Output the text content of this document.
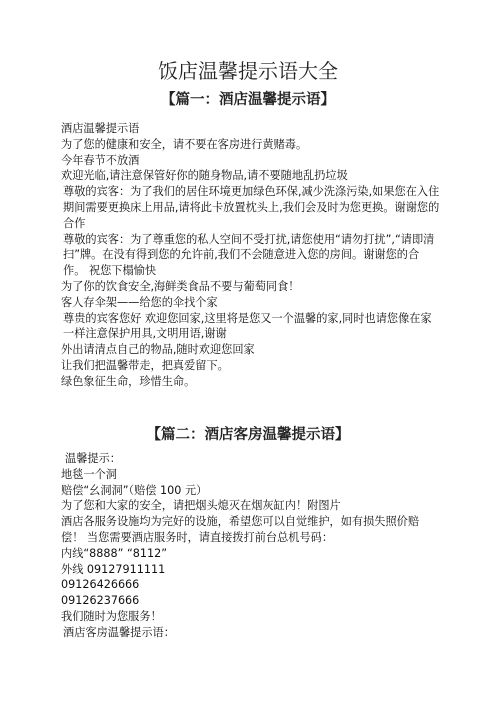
饭店温馨提示语大全
【篇一：酒店温馨提示语】

酒店温馨提示语

为了您的健康和安全，请不要在客房进行黄赌毒。

今年春节不放酒

欢迎光临,请注意保管好你的随身物品,请不要随地乱扔垃圾

尊敬的宾客：为了我们的居住环境更加绿色环保,减少洗涤污染,如果您在入住期间需要更换床上用品,请将此卡放置枕头上,我们会及时为您更换。谢谢您的合作

尊敬的宾客：为了尊重您的私人空间不受打扰,请您使用“请勿打扰”,“请即清扫”牌。在没有得到您的允许前,我们不会随意进入您的房间。谢谢您的合作。 祝您下榻愉快

为了你的饮食安全,海鲜类食品不要与葡萄同食！

客人存伞架——给您的伞找个家

尊贵的宾客您好 欢迎您回家,这里将是您又一个温馨的家,同时也请您像在家一样注意保护用具,文明用语,谢谢

外出请清点自己的物品,随时欢迎您回家

让我们把温馨带走，把真爱留下。

绿色象征生命，珍惜生命。

【篇二：酒店客房温馨提示语】

温馨提示：

地毯一个洞

赔偿“幺洞洞”（赔偿 100 元）

为了您和大家的安全，请把烟头熄灭在烟灰缸内！附图片

酒店各服务设施均为完好的设施，希望您可以自觉维护，如有损失照价赔偿！ 当您需要酒店服务时，请直接拨打前台总机号码：

内线“8888” “8112”

外线 09127911111

09126426666

09126237666

我们随时为您服务！

酒店客房温馨提示语：
